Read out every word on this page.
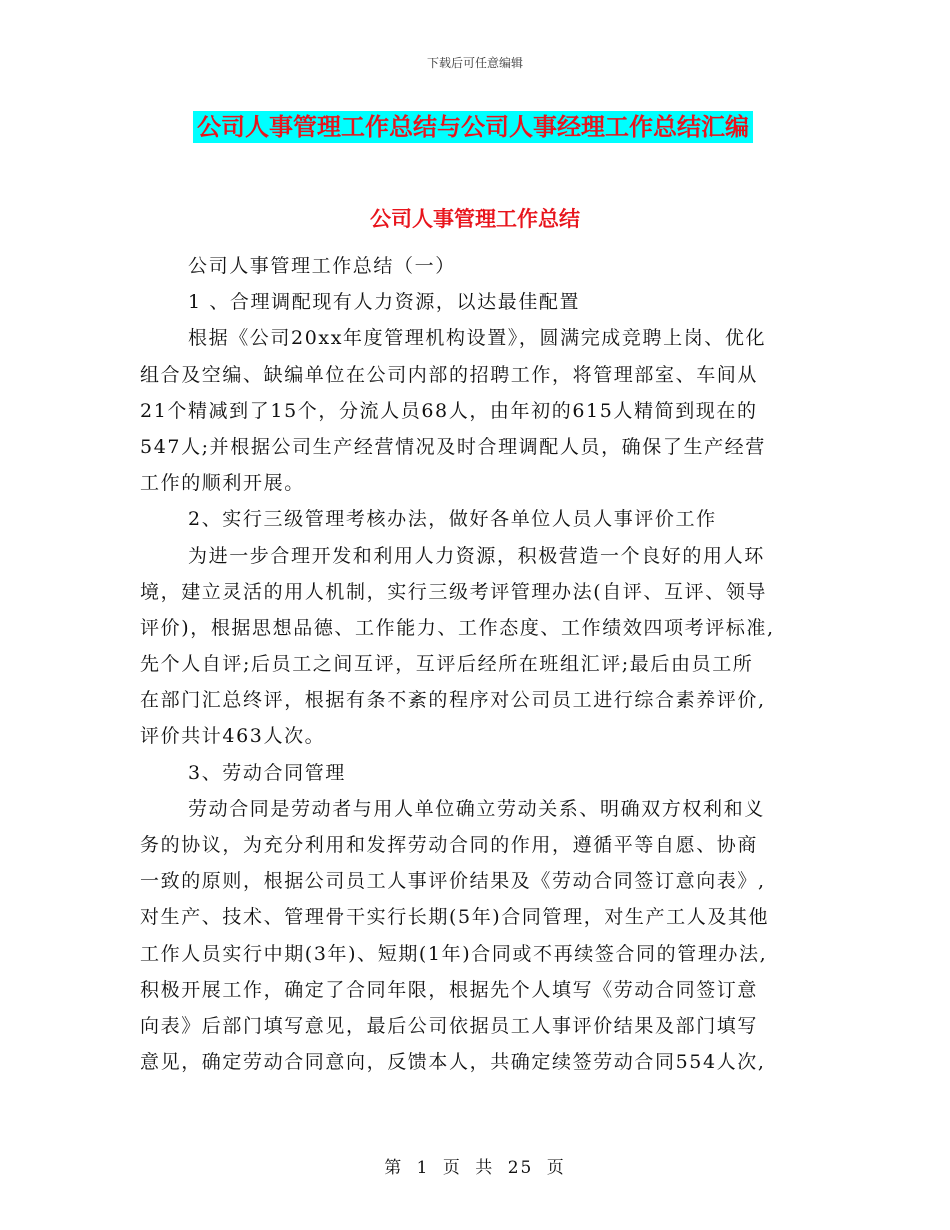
下载后可任意编辑
公司人事管理工作总结与公司人事经理工作总结汇编
公司人事管理工作总结
公司人事管理工作总结（一）
1 、合理调配现有人力资源，以达最佳配置
根据《公司20xx年度管理机构设置》，圆满完成竞聘上岗、优化
组合及空编、缺编单位在公司内部的招聘工作，将管理部室、车间从
21个精减到了15个，分流人员68人，由年初的615人精简到现在的
547人;并根据公司生产经营情况及时合理调配人员，确保了生产经营
工作的顺利开展。
2、实行三级管理考核办法，做好各单位人员人事评价工作
为进一步合理开发和利用人力资源，积极营造一个良好的用人环
境，建立灵活的用人机制，实行三级考评管理办法(自评、互评、领导
评价)，根据思想品德、工作能力、工作态度、工作绩效四项考评标准,
先个人自评;后员工之间互评，互评后经所在班组汇评;最后由员工所
在部门汇总终评，根据有条不紊的程序对公司员工进行综合素养评价,
评价共计463人次。
3、劳动合同管理
劳动合同是劳动者与用人单位确立劳动关系、明确双方权利和义
务的协议，为充分利用和发挥劳动合同的作用，遵循平等自愿、协商
一致的原则，根据公司员工人事评价结果及《劳动合同签订意向表》,
对生产、技术、管理骨干实行长期(5年)合同管理，对生产工人及其他
工作人员实行中期(3年)、短期(1年)合同或不再续签合同的管理办法,
积极开展工作，确定了合同年限，根据先个人填写《劳动合同签订意
向表》后部门填写意见，最后公司依据员工人事评价结果及部门填写
意见，确定劳动合同意向，反馈本人，共确定续签劳动合同554人次,
第 1 页 共 25 页
